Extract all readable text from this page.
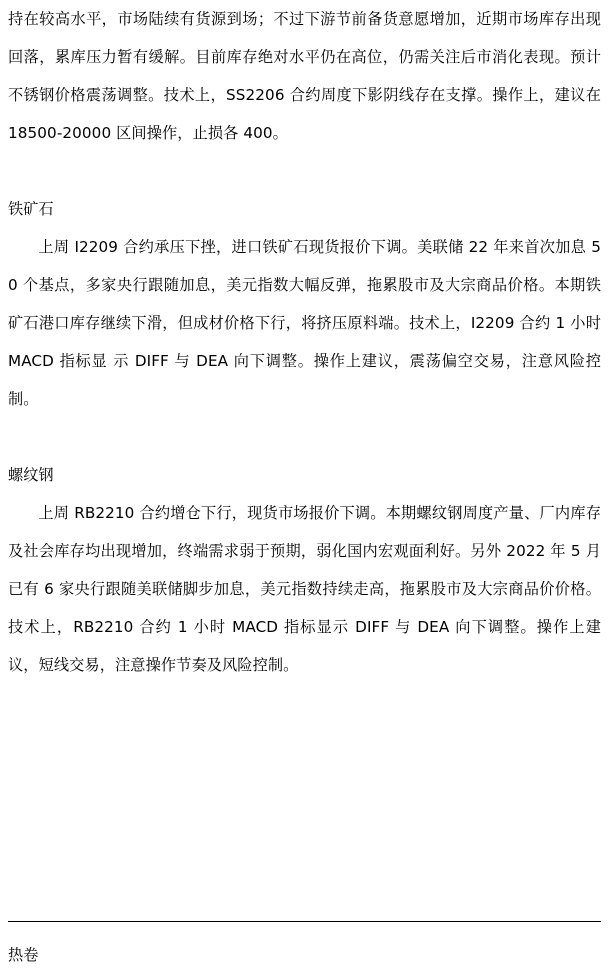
持在较高水平，市场陆续有货源到场；不过下游节前备货意愿增加，近期市场库存出现回落，累库压力暂有缓解。目前库存绝对水平仍在高位，仍需关注后市消化表现。预计不锈钢价格震荡调整。技术上，SS2206 合约周度下影阴线存在支撑。操作上，建议在 18500-20000 区间操作，止损各 400。

铁矿石

上周 I2209 合约承压下挫，进口铁矿石现货报价下调。美联储 22 年来首次加息 50 个基点，多家央行跟随加息，美元指数大幅反弹，拖累股市及大宗商品价格。本期铁矿石港口库存继续下滑，但成材价格下行，将挤压原料端。技术上，I2209 合约 1 小时 MACD 指标显 示 DIFF 与 DEA 向下调整。操作上建议，震荡偏空交易，注意风险控制。

螺纹钢

上周 RB2210 合约增仓下行，现货市场报价下调。本期螺纹钢周度产量、厂内库存及社会库存均出现增加，终端需求弱于预期，弱化国内宏观面利好。另外 2022 年 5 月已有 6 家央行跟随美联储脚步加息，美元指数持续走高，拖累股市及大宗商品价价格。技术上，RB2210 合约 1 小时 MACD 指标显示 DIFF 与 DEA 向下调整。操作上建议，短线交易，注意操作节奏及风险控制。

热卷
